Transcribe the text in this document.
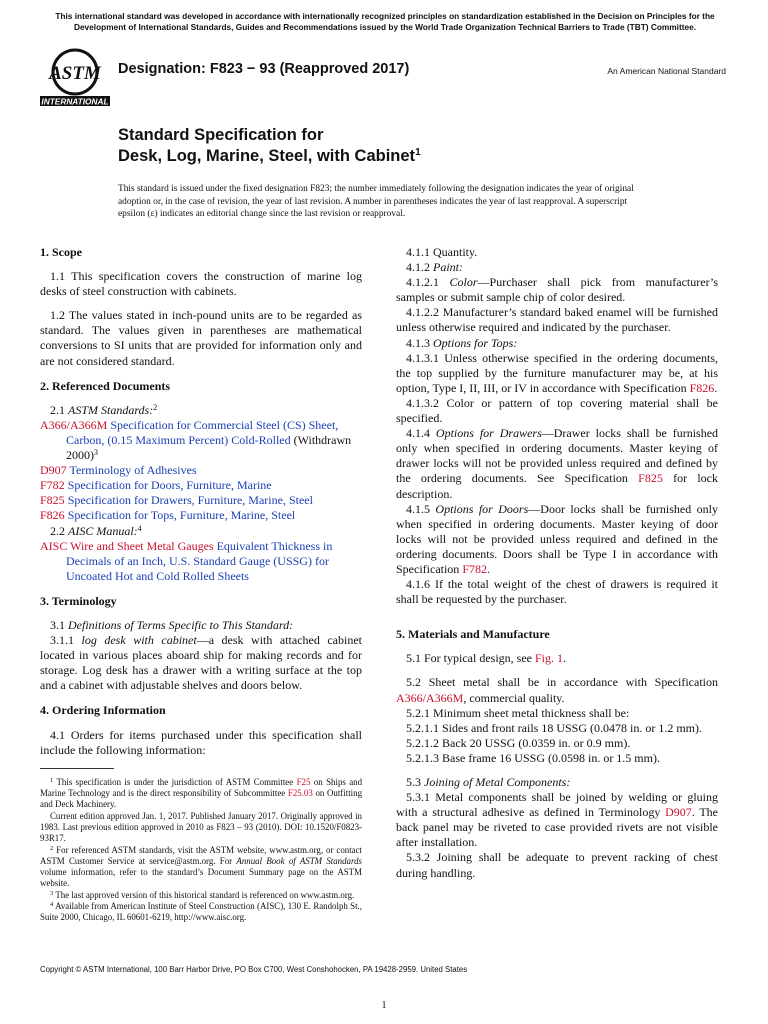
This international standard was developed in accordance with internationally recognized principles on standardization established in the Decision on Principles for the Development of International Standards, Guides and Recommendations issued by the World Trade Organization Technical Barriers to Trade (TBT) Committee.
ASTM
INTERNATIONAL
Designation: F823 − 93 (Reapproved 2017)	An American National Standard
Standard Specification for
Desk, Log, Marine, Steel, with Cabinet$^1$
This standard is issued under the fixed designation F823; the number immediately following the designation indicates the year of original adoption or, in the case of revision, the year of last revision. A number in parentheses indicates the year of last reapproval. A superscript epsilon (ε) indicates an editorial change since the last revision or reapproval.
1. Scope

1.1 This specification covers the construction of marine log desks of steel construction with cabinets.

1.2 The values stated in inch-pound units are to be regarded as standard. The values given in parentheses are mathematical conversions to SI units that are provided for information only and are not considered standard.

2. Referenced Documents

2.1 ASTM Standards:$^2$

A366/A366M Specification for Commercial Steel (CS) Sheet, Carbon, (0.15 Maximum Percent) Cold-Rolled (Withdrawn 2000)$^3$

D907 Terminology of Adhesives

F782 Specification for Doors, Furniture, Marine

F825 Specification for Drawers, Furniture, Marine, Steel

F826 Specification for Tops, Furniture, Marine, Steel

2.2 AISC Manual:$^4$

AISC Wire and Sheet Metal Gauges Equivalent Thickness in Decimals of an Inch, U.S. Standard Gauge (USSG) for Uncoated Hot and Cold Rolled Sheets

3. Terminology

3.1 Definitions of Terms Specific to This Standard:

3.1.1 log desk with cabinet—a desk with attached cabinet located in various places aboard ship for making records and for storage. Log desk has a drawer with a writing surface at the top and a cabinet with adjustable shelves and doors below.

4. Ordering Information

4.1 Orders for items purchased under this specification shall include the following information:

$^1$ This specification is under the jurisdiction of ASTM Committee F25 on Ships and Marine Technology and is the direct responsibility of Subcommittee F25.03 on Outfitting and Deck Machinery.

Current edition approved Jan. 1, 2017. Published January 2017. Originally approved in 1983. Last previous edition approved in 2010 as F823 – 93 (2010). DOI: 10.1520/F0823-93R17.

$^2$ For referenced ASTM standards, visit the ASTM website, www.astm.org, or contact ASTM Customer Service at service@astm.org. For Annual Book of ASTM Standards volume information, refer to the standard’s Document Summary page on the ASTM website.

$^3$ The last approved version of this historical standard is referenced on www.astm.org.

$^4$ Available from American Institute of Steel Construction (AISC), 130 E. Randolph St., Suite 2000, Chicago, IL 60601-6219, http://www.aisc.org.

4.1.1 Quantity.

4.1.2 Paint:

4.1.2.1 Color—Purchaser shall pick from manufacturer’s samples or submit sample chip of color desired.

4.1.2.2 Manufacturer’s standard baked enamel will be furnished unless otherwise required and indicated by the purchaser.

4.1.3 Options for Tops:

4.1.3.1 Unless otherwise specified in the ordering documents, the top supplied by the furniture manufacturer may be, at his option, Type I, II, III, or IV in accordance with Specification F826.

4.1.3.2 Color or pattern of top covering material shall be specified.

4.1.4 Options for Drawers—Drawer locks shall be furnished only when specified in ordering documents. Master keying of drawer locks will not be provided unless required and defined by the ordering documents. See Specification F825 for lock description.

4.1.5 Options for Doors—Door locks shall be furnished only when specified in ordering documents. Master keying of door locks will not be provided unless required and defined in the ordering documents. Doors shall be Type I in accordance with Specification F782.

4.1.6 If the total weight of the chest of drawers is required it shall be requested by the purchaser.

5. Materials and Manufacture

5.1 For typical design, see Fig. 1.

5.2 Sheet metal shall be in accordance with Specification A366/A366M, commercial quality.

5.2.1 Minimum sheet metal thickness shall be:

5.2.1.1 Sides and front rails 18 USSG (0.0478 in. or 1.2 mm).

5.2.1.2 Back 20 USSG (0.0359 in. or 0.9 mm).

5.2.1.3 Base frame 16 USSG (0.0598 in. or 1.5 mm).

5.3 Joining of Metal Components:

5.3.1 Metal components shall be joined by welding or gluing with a structural adhesive as defined in Terminology D907. The back panel may be riveted to case provided rivets are not visible after installation.

5.3.2 Joining shall be adequate to prevent racking of chest during handling.

Copyright © ASTM International, 100 Barr Harbor Drive, PO Box C700, West Conshohocken, PA 19428-2959. United States
1
